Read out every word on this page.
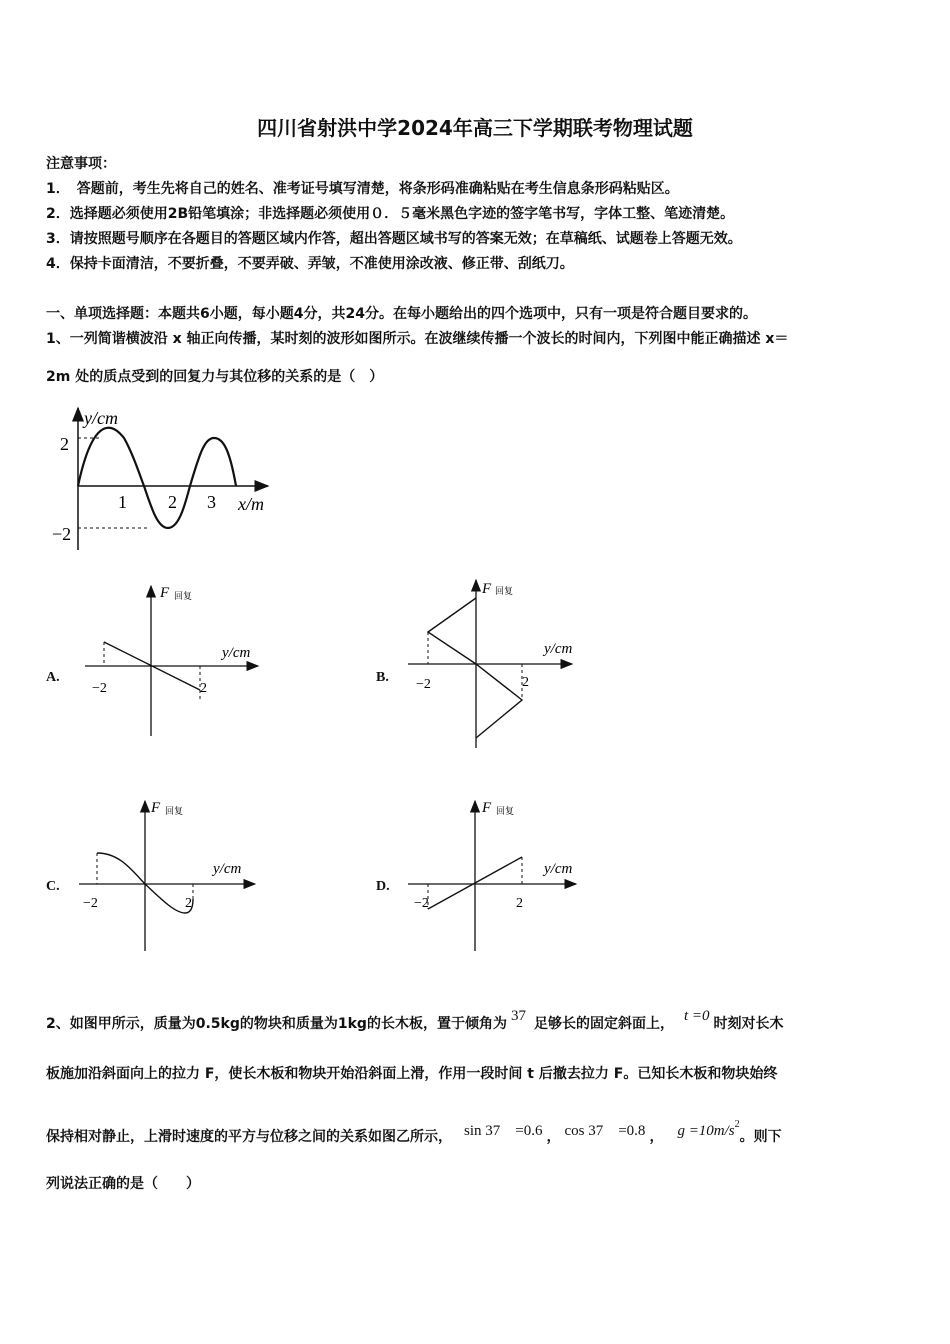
四川省射洪中学2024年高三下学期联考物理试题
注意事项：
1．　答题前，考生先将自己的姓名、准考证号填写清楚，将条形码准确粘贴在考生信息条形码粘贴区。
2．选择题必须使用2B铅笔填涂；非选择题必须使用０．５毫米黑色字迹的签字笔书写，字体工整、笔迹清楚。
3．请按照题号顺序在各题目的答题区域内作答，超出答题区域书写的答案无效；在草稿纸、试题卷上答题无效。
4．保持卡面清洁，不要折叠，不要弄破、弄皱，不准使用涂改液、修正带、刮纸刀。
一、单项选择题：本题共6小题，每小题4分，共24分。在每小题给出的四个选项中，只有一项是符合题目要求的。
1、一列简谐横波沿 x 轴正向传播，某时刻的波形如图所示。在波继续传播一个波长的时间内，下列图中能正确描述 x＝
2m 处的质点受到的回复力与其位移的关系的是（　）
y/cm
2
−2
1 2 3 x/m
A.
F 回复
y/cm
−2	2
B.
F 回复
y/cm
−2	2
C.
F 回复
y/cm
−2	2
D.
F 回复
y/cm
−2	2
2、如图甲所示，质量为0.5kg的物块和质量为1kg的长木板，置于倾角为 37 足够长的固定斜面上， t =0 时刻对长木
板施加沿斜面向上的拉力 F，使长木板和物块开始沿斜面上滑，作用一段时间 t 后撤去拉力 F。已知长木板和物块始终
保持相对静止，上滑时速度的平方与位移之间的关系如图乙所示， sin 37　=0.6 ， cos 37　=0.8 ， $g =10m/s^2$。则下
列说法正确的是（　　）
